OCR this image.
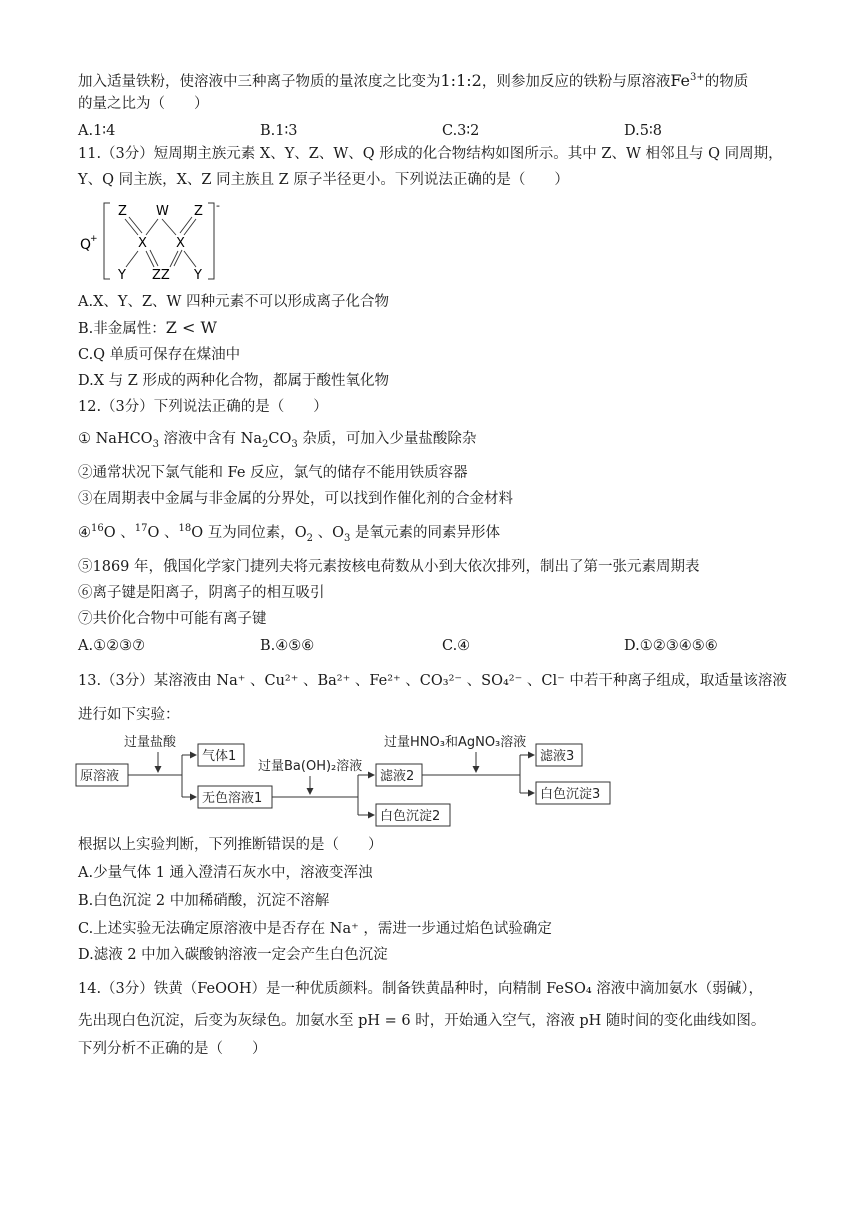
加入适量铁粉，使溶液中三种离子物质的量浓度之比变为1:1:2，则参加反应的铁粉与原溶液$Fe^{3+}$的物质
的量之比为（　　）
A.1∶4	B.1∶3	C.3∶2	D.5∶8
11.（3分）短周期主族元素 X、Y、Z、W、Q 形成的化合物结构如图所示。其中 Z、W 相邻且与 Q 同周期，
Y、Q 同主族，X、Z 同主族且 Z 原子半径更小。下列说法正确的是（　　）
Q
+
-
Z W Z
X X
Y ZZ Y
A.X、Y、Z、W 四种元素不可以形成离子化合物
B.非金属性：Z < W
C.Q 单质可保存在煤油中
D.X 与 Z 形成的两种化合物，都属于酸性氧化物
12.（3分）下列说法正确的是（　　）
① NaHCO$_3$ 溶液中含有 $Na_2CO_3$ 杂质，可加入少量盐酸除杂
②通常状况下氯气能和 Fe 反应，氯气的储存不能用铁质容器
③在周期表中金属与非金属的分界处，可以找到作催化剂的合金材料
④$^{16}$O 、$^{17}$O 、$^{18}$O 互为同位素，$O_2$ 、$O_3$ 是氧元素的同素异形体
⑤1869 年，俄国化学家门捷列夫将元素按核电荷数从小到大依次排列，制出了第一张元素周期表
⑥离子键是阳离子，阴离子的相互吸引
⑦共价化合物中可能有离子键
A.①②③⑦	B.④⑤⑥	C.④	D.①②③④⑤⑥
13.（3分）某溶液由 Na⁺ 、Cu²⁺ 、Ba²⁺ 、Fe²⁺ 、CO₃²⁻ 、SO₄²⁻ 、Cl⁻ 中若干种离子组成，取适量该溶液
进行如下实验：
过量盐酸
过量Ba(OH)₂溶液
过量HNO₃和AgNO₃溶液
原溶液
气体1
无色溶液1
滤液2
白色沉淀2
滤液3
白色沉淀3
根据以上实验判断，下列推断错误的是（　　）
A.少量气体 1 通入澄清石灰水中，溶液变浑浊
B.白色沉淀 2 中加稀硝酸，沉淀不溶解
C.上述实验无法确定原溶液中是否存在 Na⁺ ，需进一步通过焰色试验确定
D.滤液 2 中加入碳酸钠溶液一定会产生白色沉淀
14.（3分）铁黄（FeOOH）是一种优质颜料。制备铁黄晶种时，向精制 FeSO₄ 溶液中滴加氨水（弱碱），
先出现白色沉淀，后变为灰绿色。加氨水至 pH = 6 时，开始通入空气，溶液 pH 随时间的变化曲线如图。
下列分析不正确的是（　　）
